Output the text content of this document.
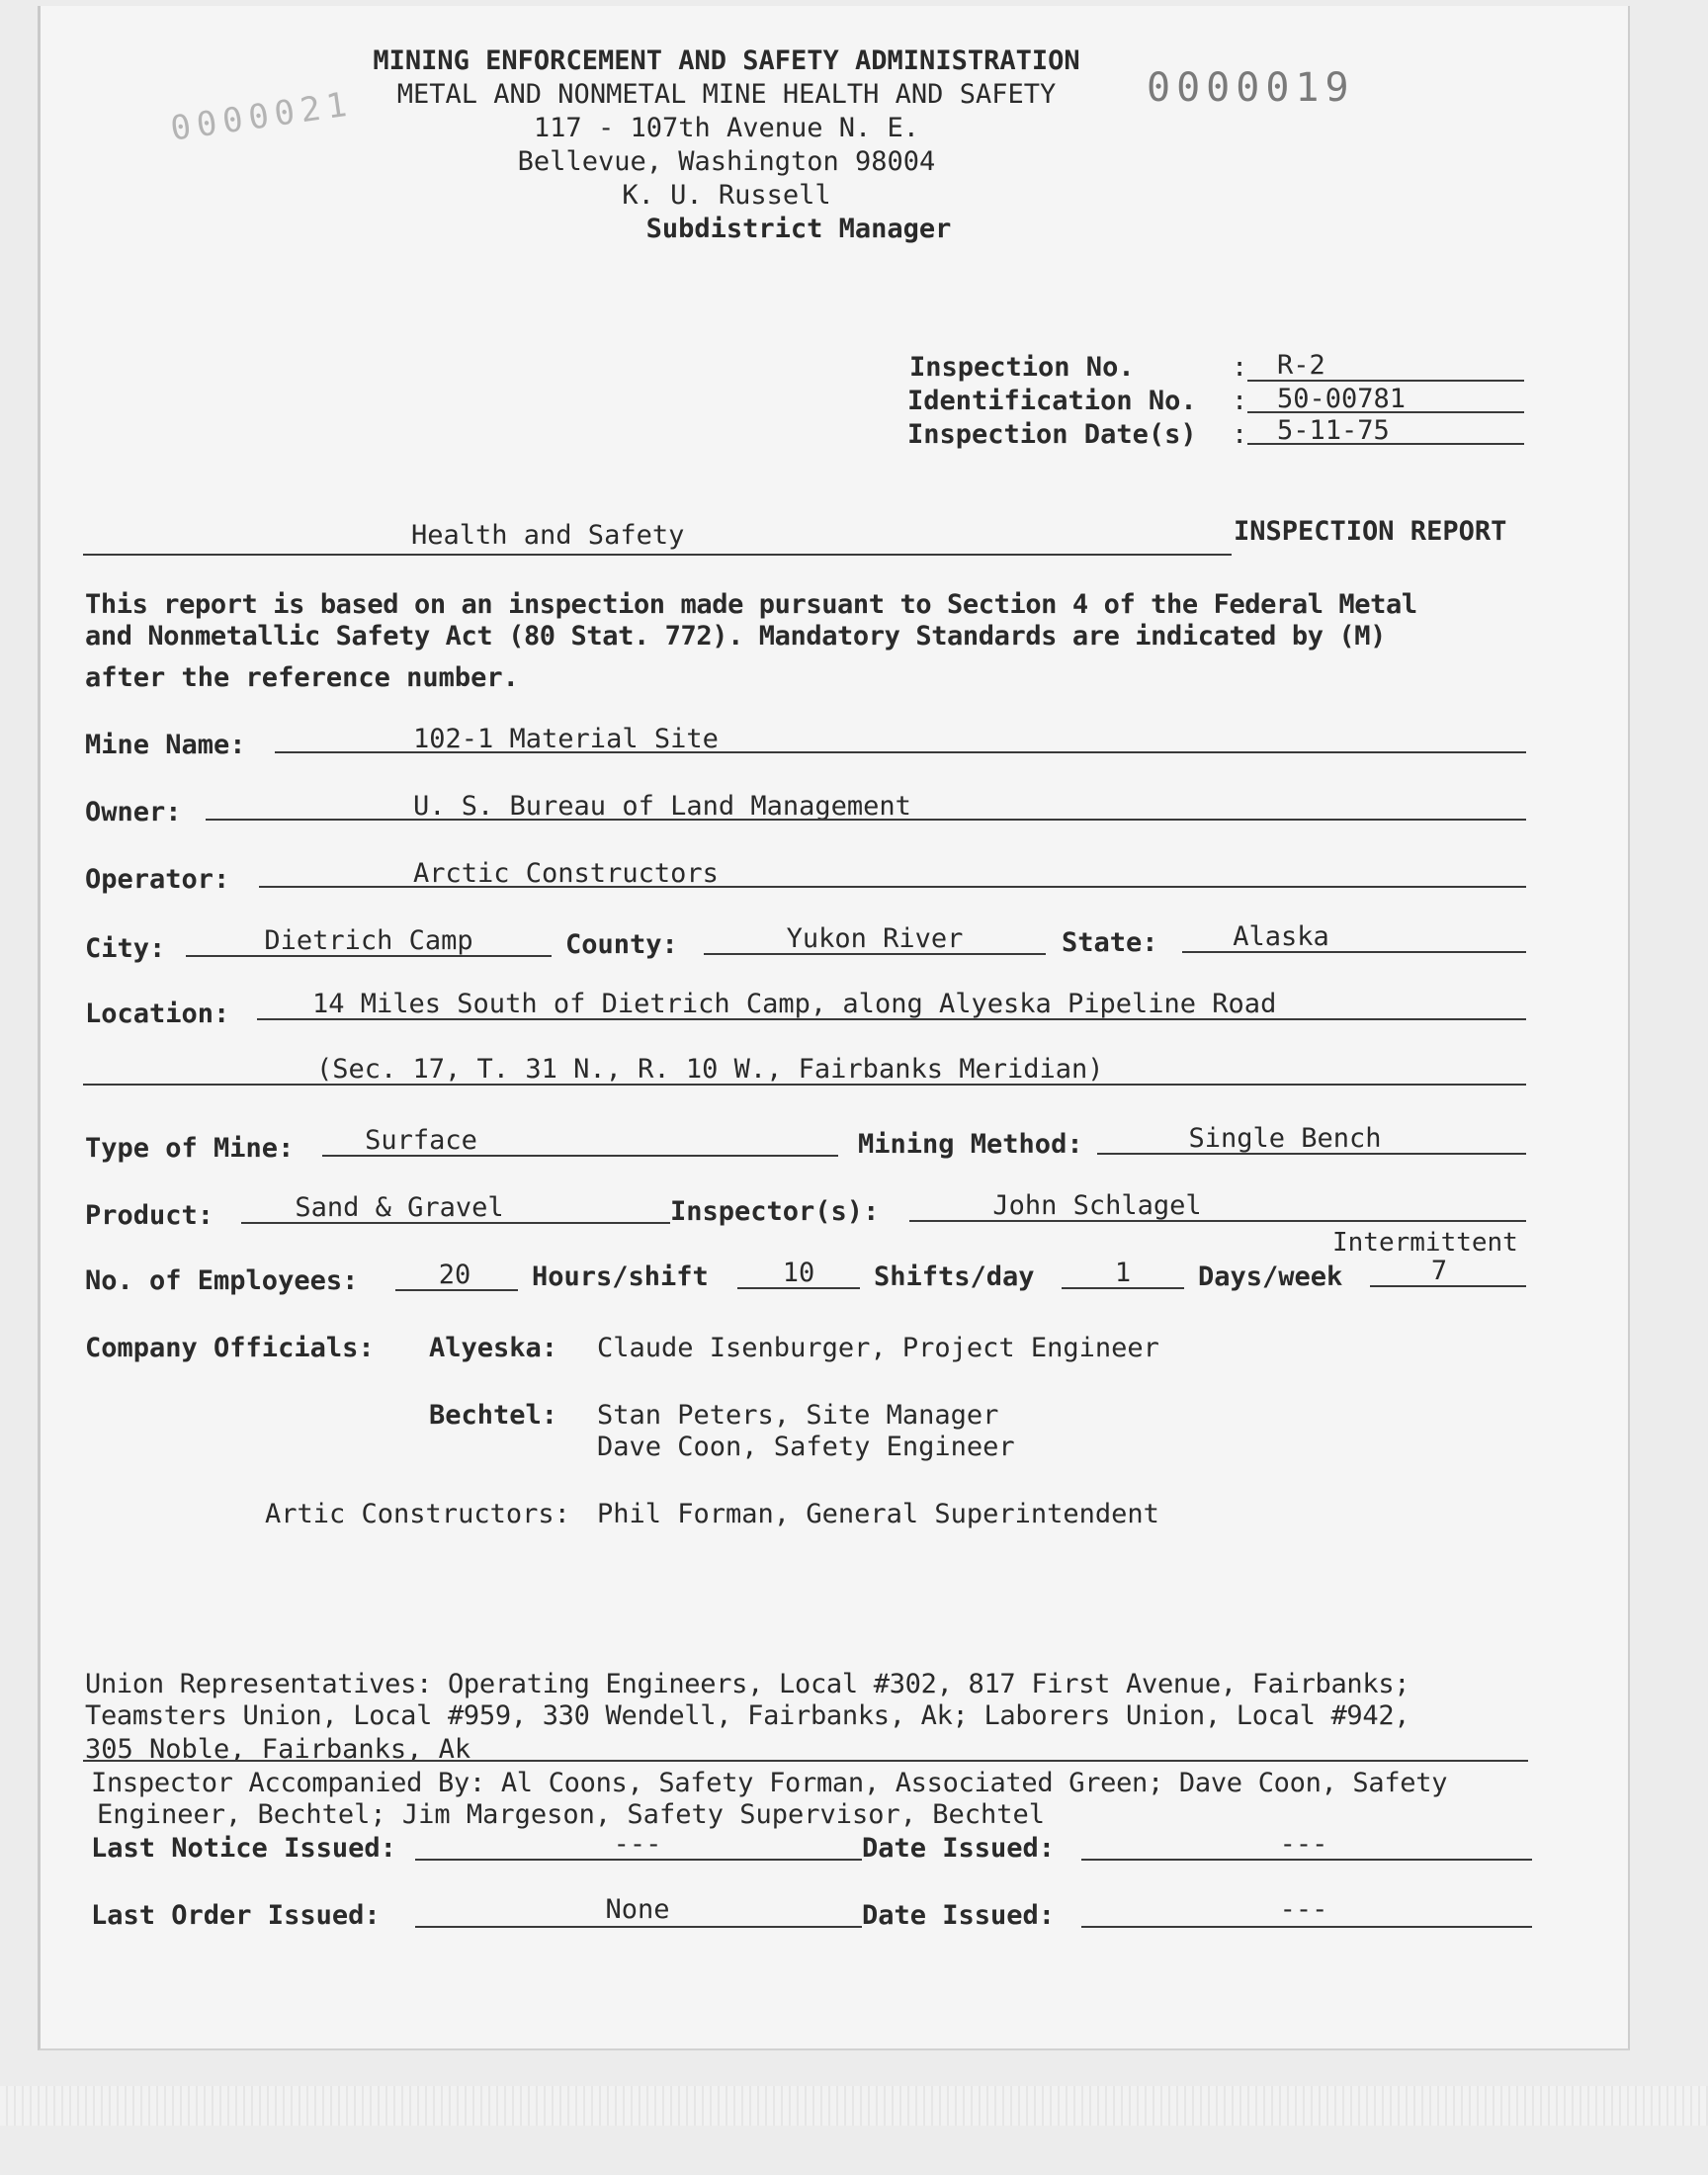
0000019
0000021
MINING ENFORCEMENT AND SAFETY ADMINISTRATION
METAL AND NONMETAL MINE HEALTH AND SAFETY
117 - 107th Avenue N. E.
Bellevue, Washington 98004
K. U. Russell
Subdistrict Manager
Inspection No.	:	R-2
Identification No. :	50-00781
Inspection Date(s) :	5-11-75
Health and Safety	INSPECTION REPORT
This report is based on an inspection made pursuant to Section 4 of the Federal Metal
and Nonmetallic Safety Act (80 Stat. 772). Mandatory Standards are indicated by (M)
after the reference number.
Mine Name:	102-1 Material Site
Owner:	U. S. Bureau of Land Management
Operator:	Arctic Constructors
City:	Dietrich Camp	County:	Yukon River	State:	Alaska
Location:	14 Miles South of Dietrich Camp, along Alyeska Pipeline Road
(Sec. 17, T. 31 N., R. 10 W., Fairbanks Meridian)
Type of Mine:	Surface	Mining Method:	Single Bench
Product:	Sand & Gravel	Inspector(s):	John Schlagel
Intermittent
No. of Employees:	20	Hours/shift	10	Shifts/day	1	Days/week	7
Company Officials: Alyeska: Claude Isenburger, Project Engineer
Bechtel: Stan Peters, Site Manager
Dave Coon, Safety Engineer
Artic Constructors: Phil Forman, General Superintendent
Union Representatives: Operating Engineers, Local #302, 817 First Avenue, Fairbanks;
Teamsters Union, Local #959, 330 Wendell, Fairbanks, Ak; Laborers Union, Local #942,
305 Noble, Fairbanks, Ak
Inspector Accompanied By: Al Coons, Safety Forman, Associated Green; Dave Coon, Safety
Engineer, Bechtel; Jim Margeson, Safety Supervisor, Bechtel
Last Notice Issued:	---	Date Issued:	---
Last Order Issued:	None	Date Issued:	---
